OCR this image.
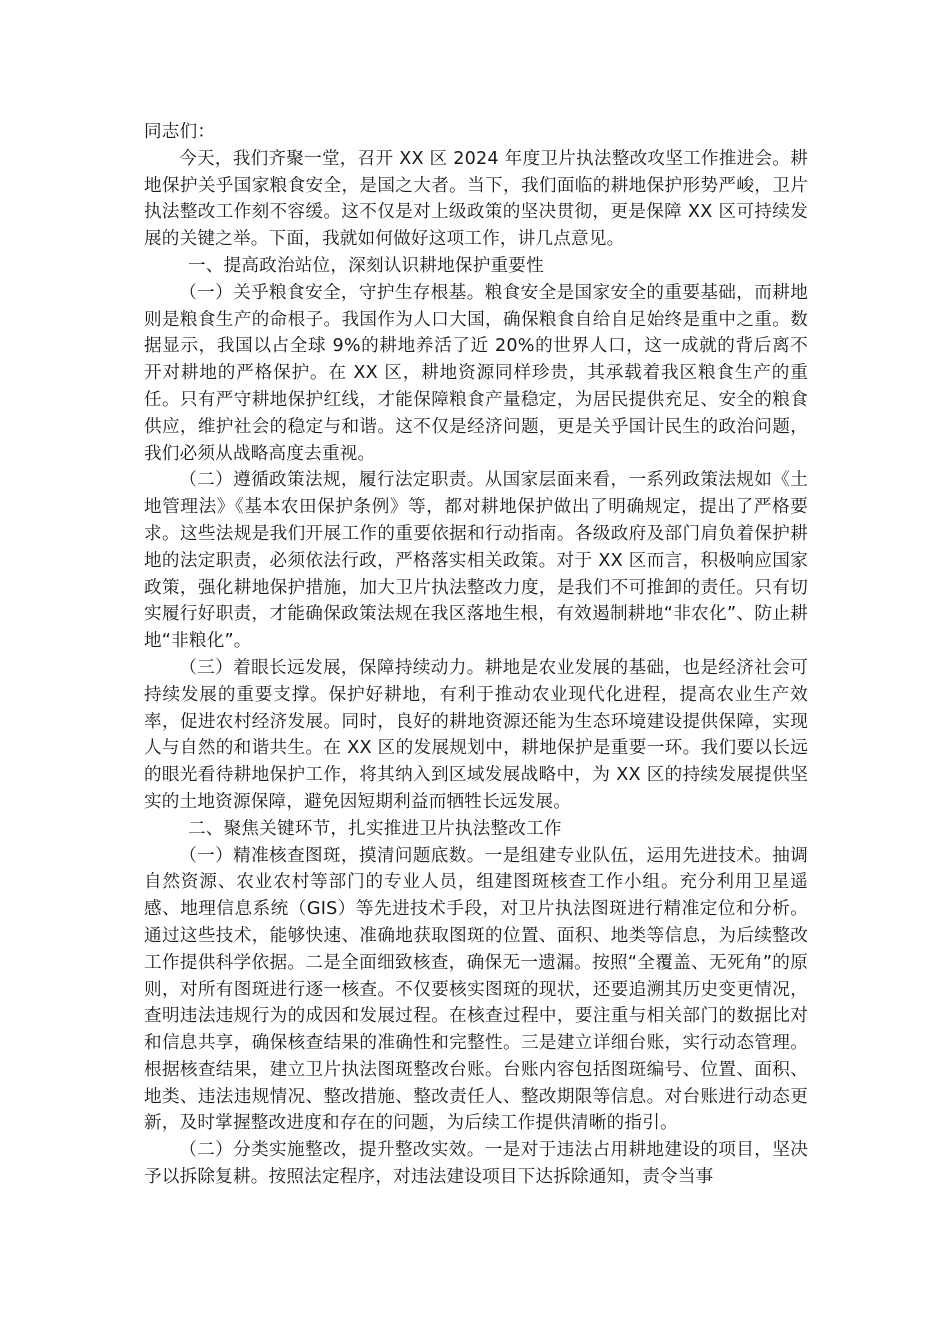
同志们：

今天，我们齐聚一堂，召开 XX 区 2024 年度卫片执法整改攻坚工作推进会。耕地保护关乎国家粮食安全，是国之大者。当下，我们面临的耕地保护形势严峻，卫片执法整改工作刻不容缓。这不仅是对上级政策的坚决贯彻，更是保障 XX 区可持续发展的关键之举。下面，我就如何做好这项工作，讲几点意见。

一、提高政治站位，深刻认识耕地保护重要性

（一）关乎粮食安全，守护生存根基。粮食安全是国家安全的重要基础，而耕地则是粮食生产的命根子。我国作为人口大国，确保粮食自给自足始终是重中之重。数据显示，我国以占全球 9%的耕地养活了近 20%的世界人口，这一成就的背后离不开对耕地的严格保护。在 XX 区，耕地资源同样珍贵，其承载着我区粮食生产的重任。只有严守耕地保护红线，才能保障粮食产量稳定，为居民提供充足、安全的粮食供应，维护社会的稳定与和谐。这不仅是经济问题，更是关乎国计民生的政治问题，我们必须从战略高度去重视。

（二）遵循政策法规，履行法定职责。从国家层面来看，一系列政策法规如《土地管理法》《基本农田保护条例》等，都对耕地保护做出了明确规定，提出了严格要求。这些法规是我们开展工作的重要依据和行动指南。各级政府及部门肩负着保护耕地的法定职责，必须依法行政，严格落实相关政策。对于 XX 区而言，积极响应国家政策，强化耕地保护措施，加大卫片执法整改力度，是我们不可推卸的责任。只有切实履行好职责，才能确保政策法规在我区落地生根，有效遏制耕地“非农化”、防止耕地“非粮化”。

（三）着眼长远发展，保障持续动力。耕地是农业发展的基础，也是经济社会可持续发展的重要支撑。保护好耕地，有利于推动农业现代化进程，提高农业生产效率，促进农村经济发展。同时，良好的耕地资源还能为生态环境建设提供保障，实现人与自然的和谐共生。在 XX 区的发展规划中，耕地保护是重要一环。我们要以长远的眼光看待耕地保护工作，将其纳入到区域发展战略中，为 XX 区的持续发展提供坚实的土地资源保障，避免因短期利益而牺牲长远发展。

二、聚焦关键环节，扎实推进卫片执法整改工作

（一）精准核查图斑，摸清问题底数。一是组建专业队伍，运用先进技术。抽调自然资源、农业农村等部门的专业人员，组建图斑核查工作小组。充分利用卫星遥感、地理信息系统（GIS）等先进技术手段，对卫片执法图斑进行精准定位和分析。通过这些技术，能够快速、准确地获取图斑的位置、面积、地类等信息，为后续整改工作提供科学依据。二是全面细致核查，确保无一遗漏。按照“全覆盖、无死角”的原则，对所有图斑进行逐一核查。不仅要核实图斑的现状，还要追溯其历史变更情况，查明违法违规行为的成因和发展过程。在核查过程中，要注重与相关部门的数据比对和信息共享，确保核查结果的准确性和完整性。三是建立详细台账，实行动态管理。根据核查结果，建立卫片执法图斑整改台账。台账内容包括图斑编号、位置、面积、地类、违法违规情况、整改措施、整改责任人、整改期限等信息。对台账进行动态更新，及时掌握整改进度和存在的问题，为后续工作提供清晰的指引。

（二）分类实施整改，提升整改实效。一是对于违法占用耕地建设的项目，坚决予以拆除复耕。按照法定程序，对违法建设项目下达拆除通知，责令当事
